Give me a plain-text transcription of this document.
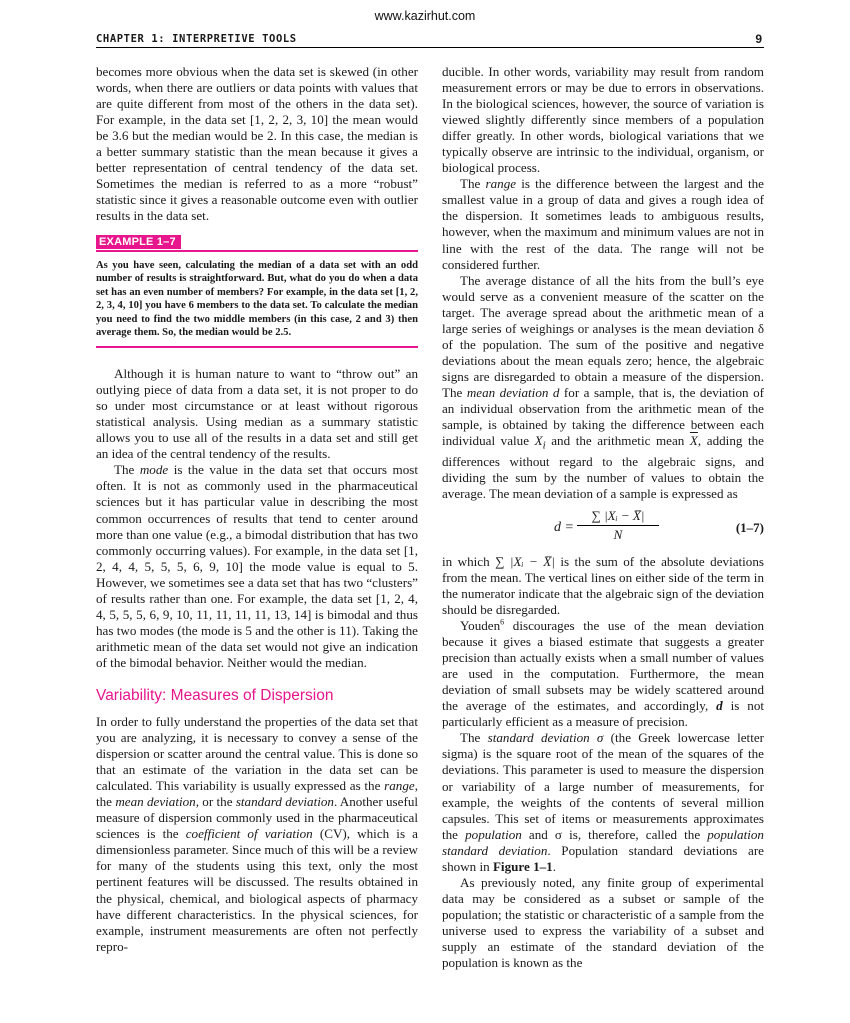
www.kazirhut.com
CHAPTER 1: INTERPRETIVE TOOLS	9

becomes more obvious when the data set is skewed (in other words, when there are outliers or data points with values that are quite different from most of the others in the data set). For example, in the data set [1, 2, 2, 3, 10] the mean would be 3.6 but the median would be 2. In this case, the median is a better summary statistic than the mean because it gives a better representation of central tendency of the data set. Sometimes the median is referred to as a more “robust” statistic since it gives a reasonable outcome even with outlier results in the data set.

EXAMPLE 1–7

As you have seen, calculating the median of a data set with an odd number of results is straightforward. But, what do you do when a data set has an even number of members? For example, in the data set [1, 2, 2, 3, 4, 10] you have 6 members to the data set. To calculate the median you need to find the two middle members (in this case, 2 and 3) then average them. So, the median would be 2.5.

Although it is human nature to want to “throw out” an outlying piece of data from a data set, it is not proper to do so under most circumstance or at least without rigorous statistical analysis. Using median as a summary statistic allows you to use all of the results in a data set and still get an idea of the central tendency of the results.

The mode is the value in the data set that occurs most often. It is not as commonly used in the pharmaceutical sciences but it has particular value in describing the most common occurrences of results that tend to center around more than one value (e.g., a bimodal distribution that has two commonly occurring values). For example, in the data set [1, 2, 4, 4, 5, 5, 5, 6, 9, 10] the mode value is equal to 5. However, we sometimes see a data set that has two “clusters” of results rather than one. For example, the data set [1, 2, 4, 4, 5, 5, 5, 6, 9, 10, 11, 11, 11, 11, 13, 14] is bimodal and thus has two modes (the mode is 5 and the other is 11). Taking the arithmetic mean of the data set would not give an indication of the bimodal behavior. Neither would the median.

Variability: Measures of Dispersion

In order to fully understand the properties of the data set that you are analyzing, it is necessary to convey a sense of the dispersion or scatter around the central value. This is done so that an estimate of the variation in the data set can be calculated. This variability is usually expressed as the range, the mean deviation, or the standard deviation. Another useful measure of dispersion commonly used in the pharmaceutical sciences is the coefficient of variation (CV), which is a dimensionless parameter. Since much of this will be a review for many of the students using this text, only the most pertinent features will be discussed. The results obtained in the physical, chemical, and biological aspects of pharmacy have different characteristics. In the physical sciences, for example, instrument measurements are often not perfectly repro-

ducible. In other words, variability may result from random measurement errors or may be due to errors in observations. In the biological sciences, however, the source of variation is viewed slightly differently since members of a population differ greatly. In other words, biological variations that we typically observe are intrinsic to the individual, organism, or biological process.

The range is the difference between the largest and the smallest value in a group of data and gives a rough idea of the dispersion. It sometimes leads to ambiguous results, however, when the maximum and minimum values are not in line with the rest of the data. The range will not be considered further.

The average distance of all the hits from the bull’s eye would serve as a convenient measure of the scatter on the target. The average spread about the arithmetic mean of a large series of weighings or analyses is the mean deviation δ of the population. The sum of the positive and negative deviations about the mean equals zero; hence, the algebraic signs are disregarded to obtain a measure of the dispersion. The mean deviation d for a sample, that is, the deviation of an individual observation from the arithmetic mean of the sample, is obtained by taking the difference between each individual value $X_i$ and the arithmetic mean $\overline{X}$, adding the differences without regard to the algebraic signs, and dividing the sum by the number of values to obtain the average. The mean deviation of a sample is expressed as

$d = \frac{\text{∑ |Xᵢ − X̅|}}{N}$	(1–7)

in which ∑ |Xᵢ − X̅| is the sum of the absolute deviations from the mean. The vertical lines on either side of the term in the numerator indicate that the algebraic sign of the deviation should be disregarded.

Youden$^6$ discourages the use of the mean deviation because it gives a biased estimate that suggests a greater precision than actually exists when a small number of values are used in the computation. Furthermore, the mean deviation of small subsets may be widely scattered around the average of the estimates, and accordingly, d is not particularly efficient as a measure of precision.

The standard deviation σ (the Greek lowercase letter sigma) is the square root of the mean of the squares of the deviations. This parameter is used to measure the dispersion or variability of a large number of measurements, for example, the weights of the contents of several million capsules. This set of items or measurements approximates the population and σ is, therefore, called the population standard deviation. Population standard deviations are shown in Figure 1–1.

As previously noted, any finite group of experimental data may be considered as a subset or sample of the population; the statistic or characteristic of a sample from the universe used to express the variability of a subset and supply an estimate of the standard deviation of the population is known as the
